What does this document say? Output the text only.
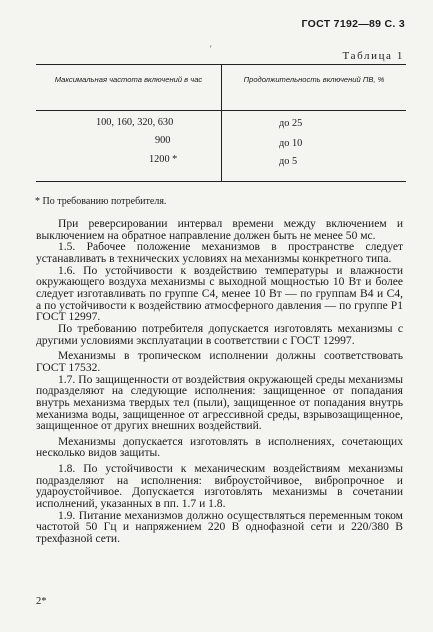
ГОСТ 7192—89 С. 3
'
Таблица 1
Максимальная частота включений в час	Продолжительность включений ПВ, %
100, 160, 320, 630	до 25
900	до 10
1200 *	до 5
* По требованию потребителя.

При реверсировании интервал времени между включением и выключением на обратное направление должен быть не менее 50 мс.

1.5. Рабочее положение механизмов в пространстве следует устанавливать в технических условиях на механизмы конкретного типа.

1.6. По устойчивости к воздействию температуры и влажности окружающего воздуха механизмы с выходной мощностью 10 Вт и более следует изготавливать по группе С4, менее 10 Вт — по группам В4 и С4, а по устойчивости к воздействию атмосферного давления — по группе Р1 ГОСТ 12997.

По требованию потребителя допускается изготовлять механизмы с другими условиями эксплуатации в соответствии с ГОСТ 12997.

Механизмы в тропическом исполнении должны соответствовать ГОСТ 17532.

1.7. По защищенности от воздействия окружающей среды механизмы подразделяют на следующие исполнения: защищенное от попадания внутрь механизма твердых тел (пыли), защищенное от попадания внутрь механизма воды, защищенное от агрессивной среды, взрывозащищенное, защищенное от других внешних воздействий.

Механизмы допускается изготовлять в исполнениях, сочетающих несколько видов защиты.

1.8. По устойчивости к механическим воздействиям механизмы подразделяют на исполнения: виброустойчивое, вибропрочное и удароустойчивое. Допускается изготовлять механизмы в сочетании исполнений, указанных в пп. 1.7 и 1.8.

1.9. Питание механизмов должно осуществляться переменным током частотой 50 Гц и напряжением 220 В однофазной сети и 220/380 В трехфазной сети.

2*
